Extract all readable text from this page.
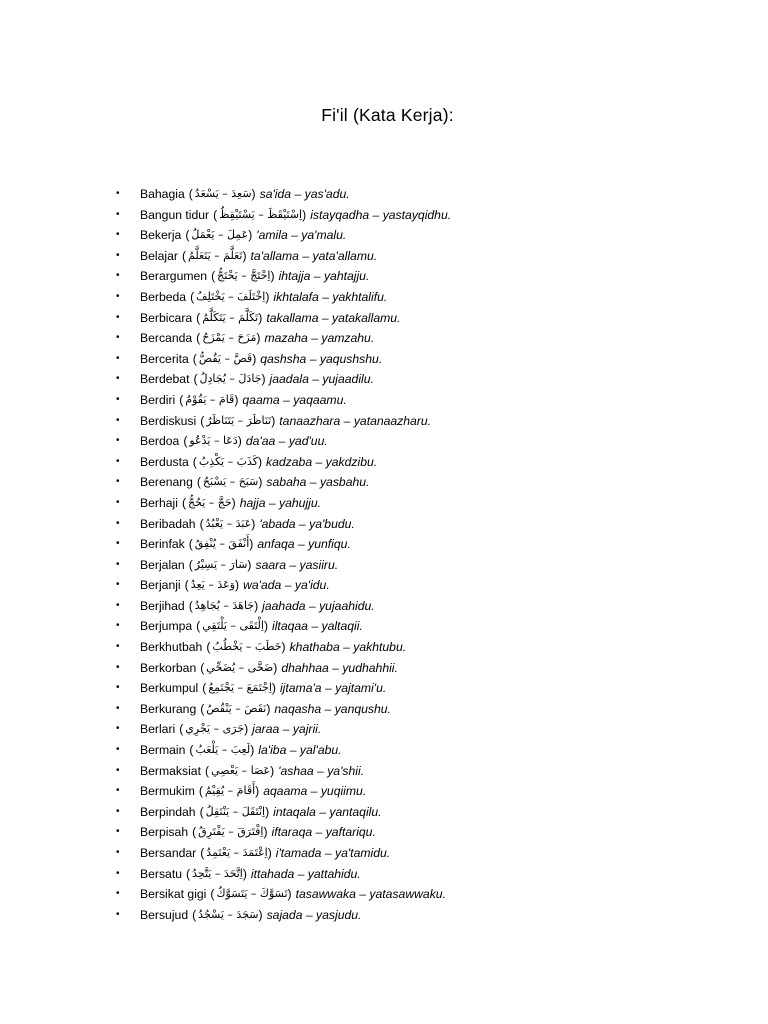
Fi'il (Kata Kerja):
•	Bahagia ( سَعِدَ – يَسْعَدُ ) sa'ida – yas'adu.
•	Bangun tidur ( اِسْتَيْقَظَ – يَسْتَيْقِظُ ) istayqadha – yastayqidhu.
•	Bekerja ( عَمِلَ – يَعْمَلُ ) 'amila – ya'malu.
•	Belajar ( تَعَلَّمَ – يَتَعَلَّمُ ) ta'allama – yata'allamu.
•	Berargumen ( اِحْتَجَّ – يَحْتَجُّ ) ihtajja – yahtajju.
•	Berbeda ( اِخْتَلَفَ – يَخْتَلِفُ ) ikhtalafa – yakhtalifu.
•	Berbicara ( تَكَلَّمَ – يَتَكَلَّمُ ) takallama – yatakallamu.
•	Bercanda ( مَزَحَ – يَمْزَحُ ) mazaha – yamzahu.
•	Bercerita ( قَصَّ – يَقُصُّ ) qashsha – yaqushshu.
•	Berdebat ( جَادَلَ – يُجَادِلُ ) jaadala – yujaadilu.
•	Berdiri ( قَامَ – يَقُوْمُ ) qaama – yaqaamu.
•	Berdiskusi ( تَنَاظَرَ – يَتَنَاظَرُ ) tanaazhara – yatanaazharu.
•	Berdoa ( دَعَا – يَدْعُو ) da'aa – yad'uu.
•	Berdusta ( كَذَبَ – يَكْذِبُ ) kadzaba – yakdzibu.
•	Berenang ( سَبَحَ – يَسْبَحُ ) sabaha – yasbahu.
•	Berhaji ( حَجَّ – يَحُجُّ ) hajja – yahujju.
•	Beribadah ( عَبَدَ – يَعْبُدُ ) 'abada – ya'budu.
•	Berinfak ( أَنْفَقَ – يُنْفِقُ ) anfaqa – yunfiqu.
•	Berjalan ( سَارَ – يَسِيْرُ ) saara – yasiiru.
•	Berjanji ( وَعَدَ – يَعِدُ ) wa'ada – ya'idu.
•	Berjihad ( جَاهَدَ – يُجَاهِدُ ) jaahada – yujaahidu.
•	Berjumpa ( اِلْتَقَى – يَلْتَقِي ) iltaqaa – yaltaqii.
•	Berkhutbah ( خَطَبَ – يَخْطُبُ ) khathaba – yakhtubu.
•	Berkorban ( ضَحَّى – يُضَحِّي ) dhahhaa – yudhahhii.
•	Berkumpul ( اِجْتَمَعَ – يَجْتَمِعُ ) ijtama'a – yajtami'u.
•	Berkurang ( نَقَصَ – يَنْقُصُ ) naqasha – yanqushu.
•	Berlari ( جَرَى – يَجْرِي ) jaraa – yajrii.
•	Bermain ( لَعِبَ – يَلْعَبُ ) la'iba – yal'abu.
•	Bermaksiat ( عَصَا – يَعْصِي ) 'ashaa – ya'shii.
•	Bermukim ( أَقَامَ – يُقِيْمُ ) aqaama – yuqiimu.
•	Berpindah ( اِنْتَقَلَ – يَنْتَقِلُ ) intaqala – yantaqilu.
•	Berpisah ( اِفْتَرَقَ – يَفْتَرِقُ ) iftaraqa – yaftariqu.
•	Bersandar ( اِعْتَمَدَ – يَعْتَمِدُ ) i'tamada – ya'tamidu.
•	Bersatu ( اِتَّحَدَ – يَتَّحِدُ ) ittahada – yattahidu.
•	Bersikat gigi ( تَسَوَّكَ – يَتَسَوَّكُ ) tasawwaka – yatasawwaku.
•	Bersujud ( سَجَدَ – يَسْجُدُ ) sajada – yasjudu.
